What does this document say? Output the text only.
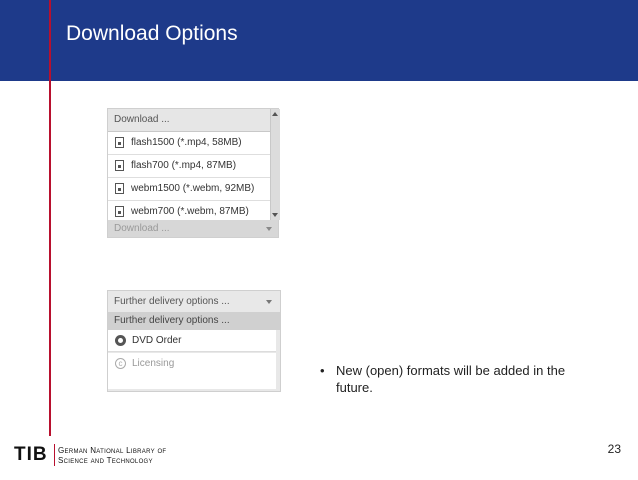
Download Options
Download ...
flash1500 (*.mp4, 58MB)
flash700 (*.mp4, 87MB)
webm1500 (*.webm, 92MB)
webm700 (*.webm, 87MB)
Download ...
Further delivery options ...
Further delivery options ...
DVD Order
c Licensing	• New (open) formats will be added in the future.
TIB German National Library of
Science and Technology
23
